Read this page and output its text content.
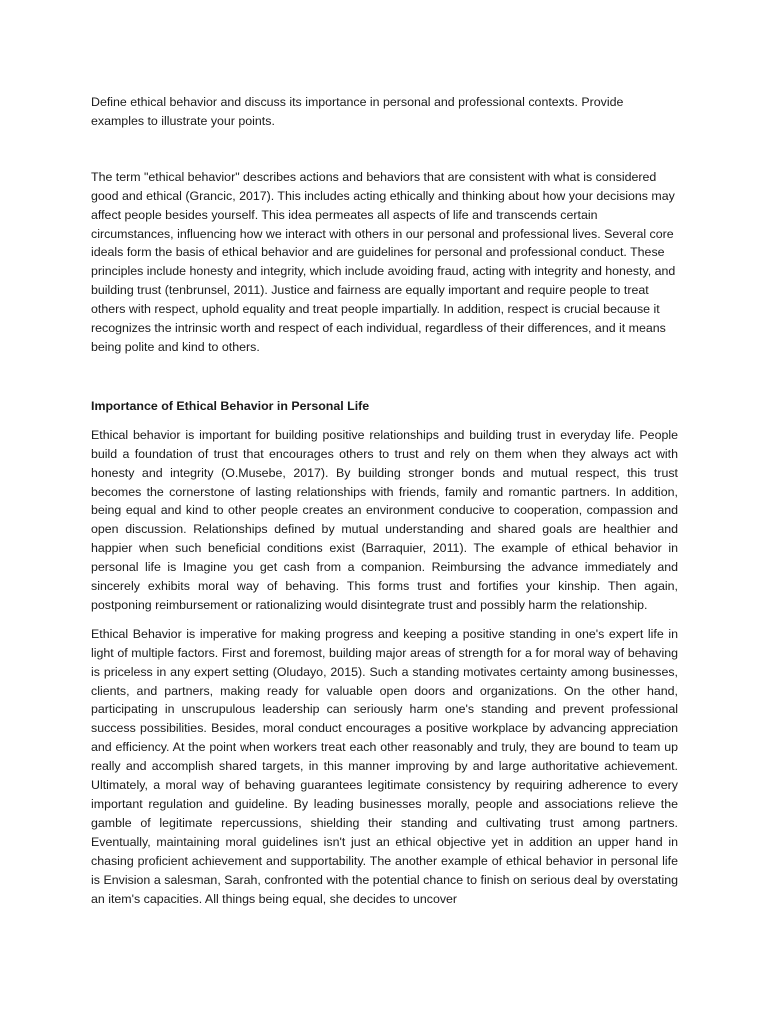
Define ethical behavior and discuss its importance in personal and professional contexts. Provide examples to illustrate your points.

The term "ethical behavior" describes actions and behaviors that are consistent with what is considered good and ethical (Grancic, 2017). This includes acting ethically and thinking about how your decisions may affect people besides yourself. This idea permeates all aspects of life and transcends certain circumstances, influencing how we interact with others in our personal and professional lives. Several core ideals form the basis of ethical behavior and are guidelines for personal and professional conduct. These principles include honesty and integrity, which include avoiding fraud, acting with integrity and honesty, and building trust (tenbrunsel, 2011). Justice and fairness are equally important and require people to treat others with respect, uphold equality and treat people impartially. In addition, respect is crucial because it recognizes the intrinsic worth and respect of each individual, regardless of their differences, and it means being polite and kind to others.

Importance of Ethical Behavior in Personal Life

Ethical behavior is important for building positive relationships and building trust in everyday life. People build a foundation of trust that encourages others to trust and rely on them when they always act with honesty and integrity (O.Musebe, 2017). By building stronger bonds and mutual respect, this trust becomes the cornerstone of lasting relationships with friends, family and romantic partners. In addition, being equal and kind to other people creates an environment conducive to cooperation, compassion and open discussion. Relationships defined by mutual understanding and shared goals are healthier and happier when such beneficial conditions exist (Barraquier, 2011). The example of ethical behavior in personal life is Imagine you get cash from a companion. Reimbursing the advance immediately and sincerely exhibits moral way of behaving. This forms trust and fortifies your kinship. Then again, postponing reimbursement or rationalizing would disintegrate trust and possibly harm the relationship.

Ethical Behavior is imperative for making progress and keeping a positive standing in one's expert life in light of multiple factors. First and foremost, building major areas of strength for a for moral way of behaving is priceless in any expert setting (Oludayo, 2015). Such a standing motivates certainty among businesses, clients, and partners, making ready for valuable open doors and organizations. On the other hand, participating in unscrupulous leadership can seriously harm one's standing and prevent professional success possibilities. Besides, moral conduct encourages a positive workplace by advancing appreciation and efficiency. At the point when workers treat each other reasonably and truly, they are bound to team up really and accomplish shared targets, in this manner improving by and large authoritative achievement. Ultimately, a moral way of behaving guarantees legitimate consistency by requiring adherence to every important regulation and guideline. By leading businesses morally, people and associations relieve the gamble of legitimate repercussions, shielding their standing and cultivating trust among partners. Eventually, maintaining moral guidelines isn't just an ethical objective yet in addition an upper hand in chasing proficient achievement and supportability. The another example of ethical behavior in personal life is Envision a salesman, Sarah, confronted with the potential chance to finish on serious deal by overstating an item's capacities. All things being equal, she decides to uncover
